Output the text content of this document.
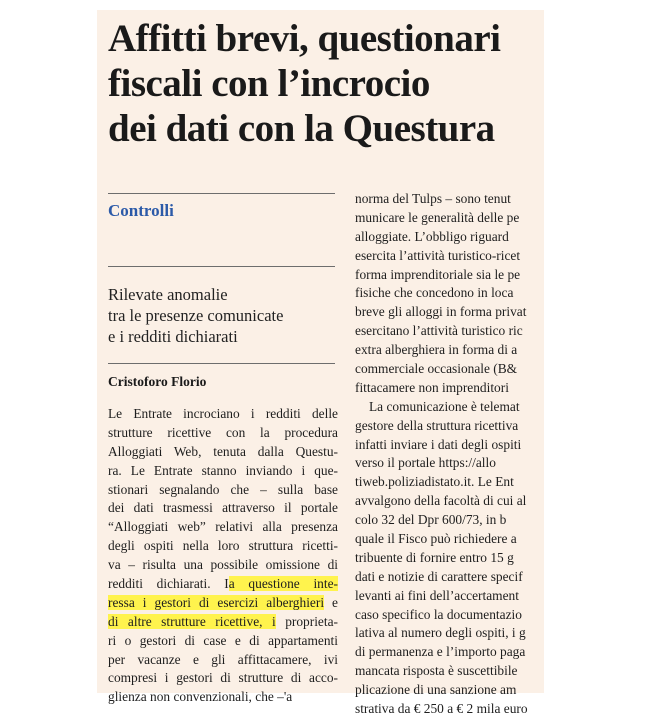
Affitti brevi, questionari
fiscali con l’incrocio
dei dati con la Questura
Controlli
Rilevate anomalie
tra le presenze comunicate
e i redditi dichiarati
Cristoforo Florio
Le Entrate incrociano i redditi delle
strutture ricettive con la procedura
Alloggiati Web, tenuta dalla Questu-
ra. Le Entrate stanno inviando i que-
stionari segnalando che – sulla base
dei dati trasmessi attraverso il portale
“Alloggiati web” relativi alla presenza
degli ospiti nella loro struttura ricetti-
va – risulta una possibile omissione di
redditi dichiarati. Ia questione inte-
ressa i gestori di esercizi alberghieri e
di altre strutture ricettive, i proprieta-
ri o gestori di case e di appartamenti
per vacanze e gli affittacamere, ivi
compresi i gestori di strutture di acco-
glienza non convenzionali, che –'a
norma del Tulps – sono tenut
municare le generalità delle pe
alloggiate. L’obbligo riguard
esercita l’attività turistico-ricet
forma imprenditoriale sia le pe
fisiche che concedono in loca
breve gli alloggi in forma privat
esercitano l’attività turistico ric
extra alberghiera in forma di a
commerciale occasionale (B&
fittacamere non imprenditori
La comunicazione è telemat
gestore della struttura ricettiva
infatti inviare i dati degli ospiti
verso il portale https://allo
tiweb.poliziadistato.it. Le Ent
avvalgono della facoltà di cui al
colo 32 del Dpr 600/73, in b
quale il Fisco può richiedere a
tribuente di fornire entro 15 g
dati e notizie di carattere specif
levanti ai fini dell’accertament
caso specifico la documentazio
lativa al numero degli ospiti, i g
di permanenza e l’importo paga
mancata risposta è suscettibile
plicazione di una sanzione am
strativa da € 250 a € 2 mila euro
